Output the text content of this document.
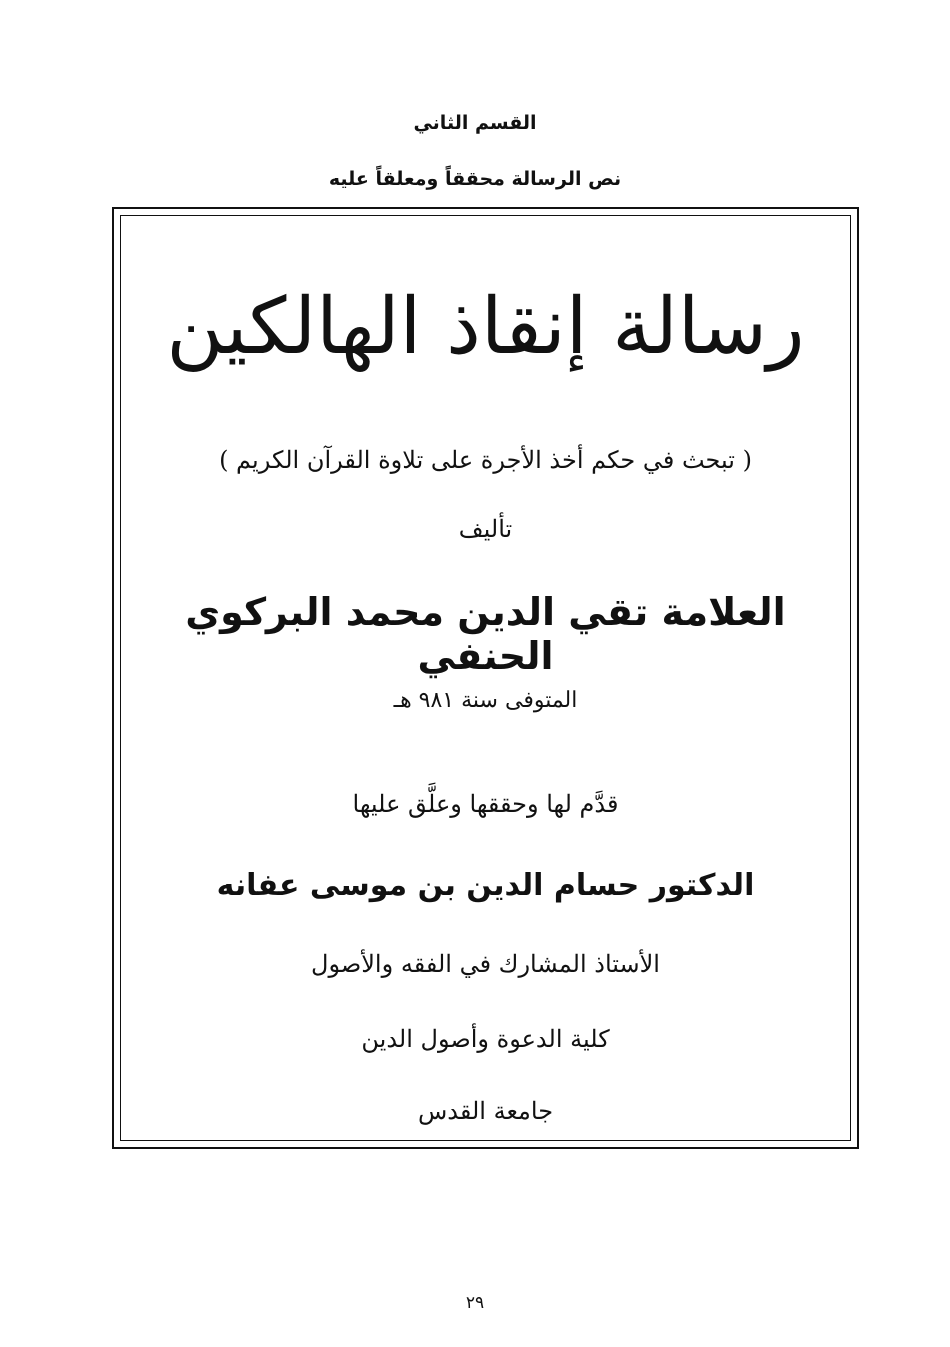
القسم الثاني
نص الرسالة محققاً ومعلقاً عليه
رسالة إنقاذ الهالكين
( تبحث في حكم أخذ الأجرة على تلاوة القرآن الكريم )
تأليف
العلامة تقي الدين محمد البركوي الحنفي
المتوفى سنة ٩٨١ هـ
قدَّم لها وحققها وعلَّق عليها
الدكتور حسام الدين بن موسى عفانه
الأستاذ المشارك في الفقه والأصول
كلية الدعوة وأصول الدين
جامعة القدس
٢٩
